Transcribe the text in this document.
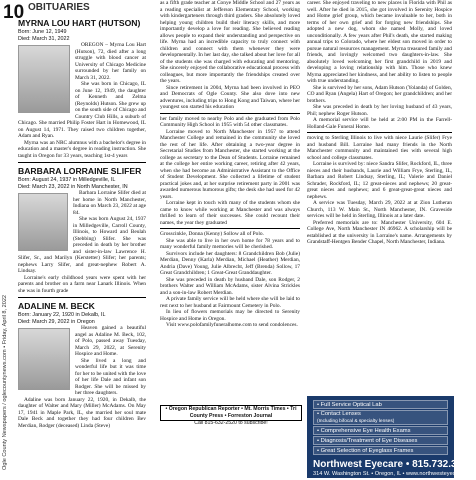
10 OBITUARIES
Ogle County Newspapers / oglecountynews.com • Friday, April 8, 2022
MYRNA LOU HART (HUTSON)
Born: June 12, 1949
Died: March 31, 2022

OREGON – Myrna Lou Hart (Hutson), 72, died after a long struggle with blood cancer at University of Chicago Medicine surrounded by her family on March 31, 2022.

She was born in Chicago, IL on June 12, 1949, the daughter of Kenneth and Zelma (Reynolds) Hutson. She grew up on the south side of Chicago and Country Club Hills, a suburb of Chicago. She married Philip Foster Hart in Homewood, IL on August 14, 1971. They raised two children together, Adam and Ryan.

Myrna was an NRC alumnus with a bachelor's degree in education and a master's degree in reading instruction. She taught in Oregon for 33 years, teaching 1st-4 years

BARBARA LORRAINE SLIFER
Born: August 24, 1937 in Milledgeville, IL
Died: March 23, 2022 in North Manchester, IN

Barbara Lorraine Slifer died at her home in North Manchester, Indiana on March 23, 2022 at age 84.

She was born August 24, 1937 in Milledgeville, Carroll County, Illinois, to Howard and Beulah (Stebbing) Slifer. She was preceded in death by her brother and sister-in-law Lawrence H. Slifer, Sr., and Marilyn (Kerstetter) Slifer; her parents; nephews Larry Slifer, and great-nephew Robert A. Lindsay.

Lorraine's early childhood years were spent with her parents and brother on a farm near Lanark Illinois. When she was in fourth grade

ADALINE M. BECK
Born: January 22, 1920 in Dekalb, IL
Died: March 29, 2022 in Oregon

Heaven gained a beautiful angel as Adaline M. Beck, 102, of Polo, passed away Tuesday, March 29, 2022, at Serenity Hospice and Home.

She lived a long and wonderful life but it was time for her to be united with the love of her life Dale and infant son Rodger. She will be missed by her three daughters.

Adaline was born January 22, 1920, in Dekalb, the daughter of Walter and Mary (Miller) McAdams. On May 17, 1941 in Maple Park, IL, she married her soul mate Dale Beck and together they had four children Bev Merdian, Rodger (deceased) Linda (Steve)

as a fifth grade teacher at Conye Middle School and 27 years as a reading specialist at Jefferson Elementary School, working with kindergarteners through third graders. She absolutely loved helping young children build their literacy skills, and more importantly develop a love for reading. She believed reading allows people to expand their understanding and perspective on life. Myrna had an incredible capacity to truly connect with children and connect with them whenever they were developmentally. In her last day, she talked about her love for all of the students she was charged with educating and mentoring. She sincerely enjoyed the collaborative educational process with colleagues, but more importantly the friendships created over the years.

Since retirement in 2004, Myrna had been involved in PEO and Democrats of Ogle County. She also dove into new adventures, including trips to Hong Kong and Taiwan, where her youngest son started his education

her family moved to nearby Polo and she graduated from Polo Community High School in 1955 with 54 other classmates.

Lorraine moved to North Manchester in 1957 to attend Manchester College and remained in the community she loved the rest of her life. After obtaining a two-year degree in Secretarial Studies from Manchester, she started working at the college as secretary to the Dean of Students. Lorraine remained at the college her entire working career, retiring after 42 years, when she had become an Administrative Assistant to the Office of Student Development. She collected a lifetime of student practical jokes and, at her surprise retirement party in 2001 was awarded numerous humorous gifts; the desk she had used for 42 years.

Lorraine kept in touch with many of the students whom she came to know while working at Manchester and was always thrilled to learn of their successes. She could recount their names, the year they graduated

Grosscinkle, Donna (Kenny) Sollow all of Polo.

She was able to live in her own home for 78 years and to many wonderful family memories will be cherished.

Survivors include her daughters: 8 Grandchildren Bob (Julie) Merdian, Denny (Karla) Merdian, Michael (Heather) Merdian, Andria (Dave) Young, Julie Albrecht, Jeff (Brenda) Sollow, 17 Great Grandchildren; 1 Great-Great Granddaughter.

She was preceded in death by husband Dale, son Rodger, 2 brothers Walter and William McAdams, sister Alvina Strickles and a son-in-law Robert Merdian.

A private family service will be held where she will be laid to rest next to her husband at Fairmount Cemetery in Polo.

In lieu of flowers memorials may be directed to Serenity Hospice and Home in Oregon.

Visit www.polofamilyfuneralhome.com to send condolences.

• Oregon Republican Reporter • Mt. Morris Times • Tri County Press • Forreston Journal
Call 815-632-2520 to subscribe!

career. She enjoyed traveling to new places in Florida with Phil as well. After he died in 2015, she got involved in Serenity Hospice and Home grief group, which became invaluable to her, both in terms of her own grief and for forging new friendships. She adopted a new dog, whom she named Molly, and loved unconditionally. A few years after Phil's death, she started making annual trips to Colorado, where her eldest son moved in order to pursue natural resources management. Myrna treasured family and friends, and lovingly welcomed two daughters-in-law. She absolutely loved welcoming her first grandchild in 2019 and developing a loving relationship with him. Those who knew Myrna appreciated her kindness, and her ability to listen to people with true understanding.

She is survived by her sons, Adam Hutson (Yolanda) of Golden, CO and Ryan (Angela) Hart of Oregon; her grandchildren; and her brothers.

She was preceded in death by her loving husband of 43 years, Phil; nephew Roger Hutson.

A memorial service will be held at 2:00 PM in the Farrell-Holland-Gale Funeral Home.

moving to Sterling Illinois to live with niece Laurie (Slifer) Frye and husband Bill. Lorraine had many friends in the North Manchester community and maintained ties with several high school and college classmates.

Lorraine is survived by: niece Sandra Slifer, Rockford, IL, three nieces and their husbands, Laurie and William Frye, Sterling, IL, Barbara and Robert Lindsay, Sterling, IL; Valerie and Daniel Schrader, Rockford, IL; 12 great-nieces and nephews; 20 great-great nieces and nephews; and 6 great-great-great nieces and nephews.

A service was Tuesday, March 29, 2022 at at Zion Lutheran Church, 113 W. Main St., North Manchester, IN. Graveside services will be held in Sterling, Illinois at a later date.

Preferred memorials are to: Manchester University, 604 E. College Ave, North Manchester IN 46962. A scholarship will be established at the university in Lorraine's name. Arrangements by Grandstaff-Hentgen Bender Chapel, North Manchester, Indiana.

• Full Service Optical Lab
• Contact Lenses
(Including bifocal & specialty lenses)
• Comprehensive Eye Health Exams
• Diagnosis/Treatment of Eye Diseases
• Great Selection of Eyeglass Frames
Northwest Eyecare • 815.732.3121
314 W. Washington St. • Oregon, IL • www.northwesteyecare.com
